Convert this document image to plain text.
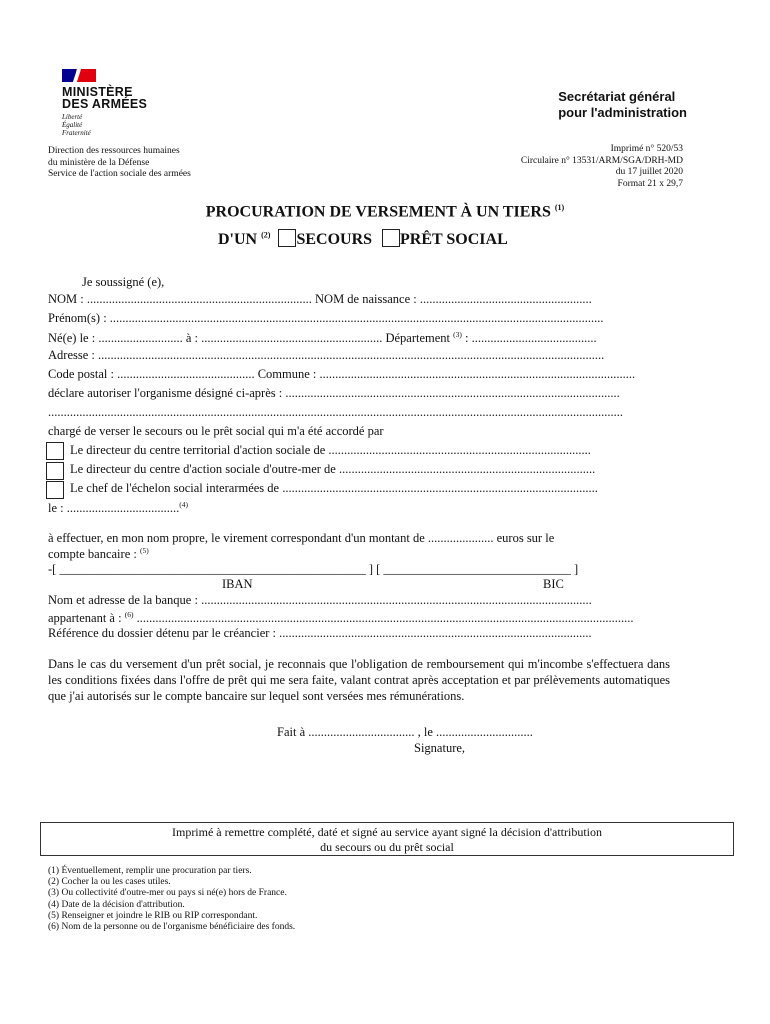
MINISTÈRE
DES ARMÉES
Liberté
Égalité
Fraternité
Secrétariat général
pour l'administration
Direction des ressources humaines
du ministère de la Défense
Service de l'action sociale des armées
Imprimé n° 520/53
Circulaire n° 13531/ARM/SGA/DRH-MD
du 17 juillet 2020
Format 21 x 29,7
PROCURATION DE VERSEMENT À UN TIERS $^{(1)}$
D'UN $^{(2)}$ SECOURS PRÊT SOCIAL
Je soussigné (e),
NOM : ........................................................................ NOM de naissance : .......................................................
Prénom(s) : ..............................................................................................................................................................
Né(e) le : ........................... à : .......................................................... Département $^{(3)}$ : ........................................
Adresse : ..................................................................................................................................................................
Code postal : ............................................ Commune : .....................................................................................................
déclare autoriser l'organisme désigné ci-après : ...........................................................................................................
........................................................................................................................................................................................
chargé de verser le secours ou le prêt social qui m'a été accordé par
Le directeur du centre territorial d'action sociale de ....................................................................................
Le directeur du centre d'action sociale d'outre-mer de ..................................................................................
Le chef de l'échelon social interarmées de .....................................................................................................
le : ....................................$^{(4)}$
à effectuer, en mon nom propre, le virement correspondant d'un montant de ..................... euros sur le
compte bancaire : $^{(5)}$
-[ _________________________________________________ ] [ ______________________________ ]
IBAN	BIC
Nom et adresse de la banque : .............................................................................................................................
appartenant à : $^{(6)}$ ...............................................................................................................................................................
Référence du dossier détenu par le créancier : ....................................................................................................
Dans le cas du versement d'un prêt social, je reconnais que l'obligation de remboursement qui m'incombe s'effectuera dans les conditions fixées dans l'offre de prêt qui me sera faite, valant contrat après acceptation et par prélèvements automatiques que j'ai autorisés sur le compte bancaire sur lequel sont versées mes rémunérations.
Fait à .................................. , le ...............................
Signature,
Imprimé à remettre complété, daté et signé au service ayant signé la décision d'attribution
du secours ou du prêt social
(1) Éventuellement, remplir une procuration par tiers.
(2) Cocher la ou les cases utiles.
(3) Ou collectivité d'outre-mer ou pays si né(e) hors de France.
(4) Date de la décision d'attribution.
(5) Renseigner et joindre le RIB ou RIP correspondant.
(6) Nom de la personne ou de l'organisme bénéficiaire des fonds.
